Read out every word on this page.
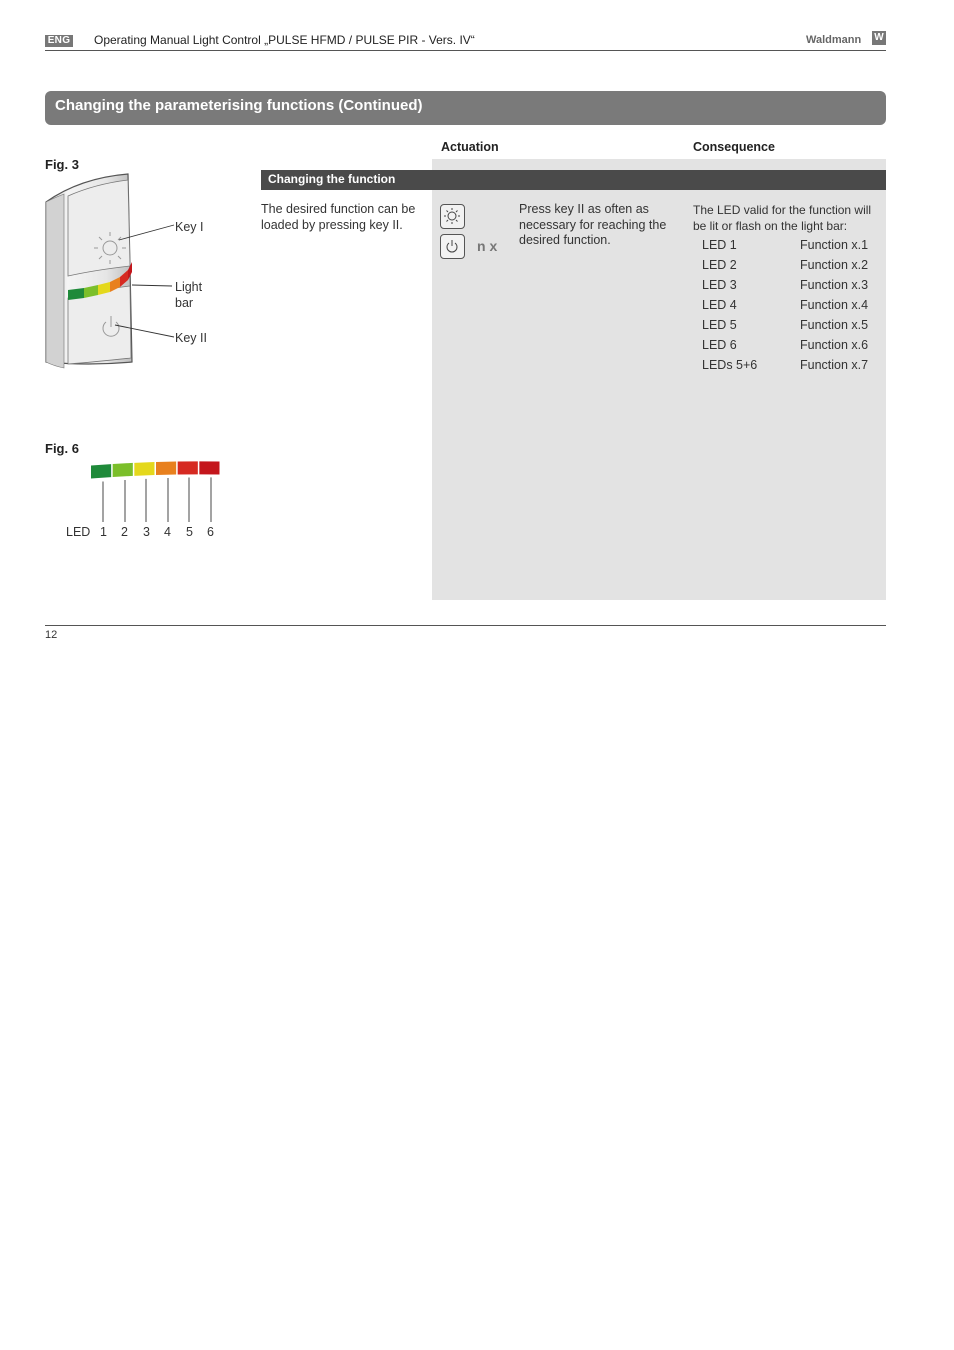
ENG Operating Manual Light Control „PULSE HFMD / PULSE PIR - Vers. IV“	Waldmann W
Changing the parameterising functions (Continued)
Fig. 3
Key I
Light
bar
Key II
Fig. 6
LED 1 2 3 4 5 6
Actuation	Consequence
Changing the function
The desired function can be loaded by pressing key II.
n x
Press key II as often as necessary for reaching the desired function.
The LED valid for the function will be lit or flash on the light bar:
LED 1	Function x.1
LED 2	Function x.2
LED 3	Function x.3
LED 4	Function x.4
LED 5	Function x.5
LED 6	Function x.6
LEDs 5+6	Function x.7
12
